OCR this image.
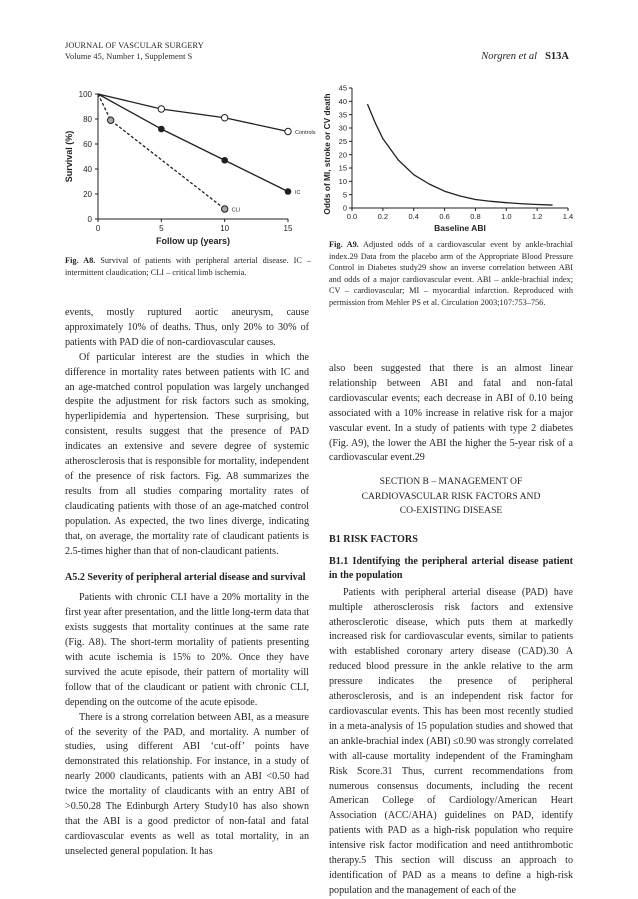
JOURNAL OF VASCULAR SURGERY
Volume 45, Number 1, Supplement S	Norgren et al S13A
0
20
40
60
80
100
0	5	10	15
Follow up (years)
Survival (%)	Controls
IC
CLI
Fig. A8. Survival of patients with peripheral arterial disease. IC – intermittent claudication; CLI – critical limb ischemia.
0
5
10
15
20
25
30
35
40
45
0.0	0.2	0.4	0.6	0.8	1.0	1.2	1.4
Baseline ABI
Odds of MI, stroke or CV death
Fig. A9. Adjusted odds of a cardiovascular event by ankle-brachial index.29 Data from the placebo arm of the Appropriate Blood Pressure Control in Diabetes study29 show an inverse correlation between ABI and odds of a major cardiovascular event. ABI – ankle-brachial index; CV – cardiovascular; MI – myocardial infarction. Reproduced with permission from Mehler PS et al. Circulation 2003;107:753–756.

events, mostly ruptured aortic aneurysm, cause approximately 10% of deaths. Thus, only 20% to 30% of patients with PAD die of non-cardiovascular causes.

Of particular interest are the studies in which the difference in mortality rates between patients with IC and an age-matched control population was largely unchanged despite the adjustment for risk factors such as smoking, hyperlipidemia and hypertension. These surprising, but consistent, results suggest that the presence of PAD indicates an extensive and severe degree of systemic atherosclerosis that is responsible for mortality, independent of the presence of risk factors. Fig. A8 summarizes the results from all studies comparing mortality rates of claudicating patients with those of an age-matched control population. As expected, the two lines diverge, indicating that, on average, the mortality rate of claudicant patients is 2.5-times higher than that of non-claudicant patients.

A5.2 Severity of peripheral arterial disease and survival

Patients with chronic CLI have a 20% mortality in the first year after presentation, and the little long-term data that exists suggests that mortality continues at the same rate (Fig. A8). The short-term mortality of patients presenting with acute ischemia is 15% to 20%. Once they have survived the acute episode, their pattern of mortality will follow that of the claudicant or patient with chronic CLI, depending on the outcome of the acute episode.

There is a strong correlation between ABI, as a measure of the severity of the PAD, and mortality. A number of studies, using different ABI ‘cut-off’ points have demonstrated this relationship. For instance, in a study of nearly 2000 claudicants, patients with an ABI <0.50 had twice the mortality of claudicants with an entry ABI of >0.50.28 The Edinburgh Artery Study10 has also shown that the ABI is a good predictor of non-fatal and fatal cardiovascular events as well as total mortality, in an unselected general population. It has

also been suggested that there is an almost linear relationship between ABI and fatal and non-fatal cardiovascular events; each decrease in ABI of 0.10 being associated with a 10% increase in relative risk for a major vascular event. In a study of patients with type 2 diabetes (Fig. A9), the lower the ABI the higher the 5-year risk of a cardiovascular event.29

SECTION B – MANAGEMENT OF
CARDIOVASCULAR RISK FACTORS AND
CO-EXISTING DISEASE
B1 RISK FACTORS
B1.1 Identifying the peripheral arterial disease patient in the population

Patients with peripheral arterial disease (PAD) have multiple atherosclerosis risk factors and extensive atherosclerotic disease, which puts them at markedly increased risk for cardiovascular events, similar to patients with established coronary artery disease (CAD).30 A reduced blood pressure in the ankle relative to the arm pressure indicates the presence of peripheral atherosclerosis, and is an independent risk factor for cardiovascular events. This has been most recently studied in a meta-analysis of 15 population studies and showed that an ankle-brachial index (ABI) ≤0.90 was strongly correlated with all-cause mortality independent of the Framingham Risk Score.31 Thus, current recommendations from numerous consensus documents, including the recent American College of Cardiology/American Heart Association (ACC/AHA) guidelines on PAD, identify patients with PAD as a high-risk population who require intensive risk factor modification and need antithrombotic therapy.5 This section will discuss an approach to identification of PAD as a means to define a high-risk population and the management of each of the
